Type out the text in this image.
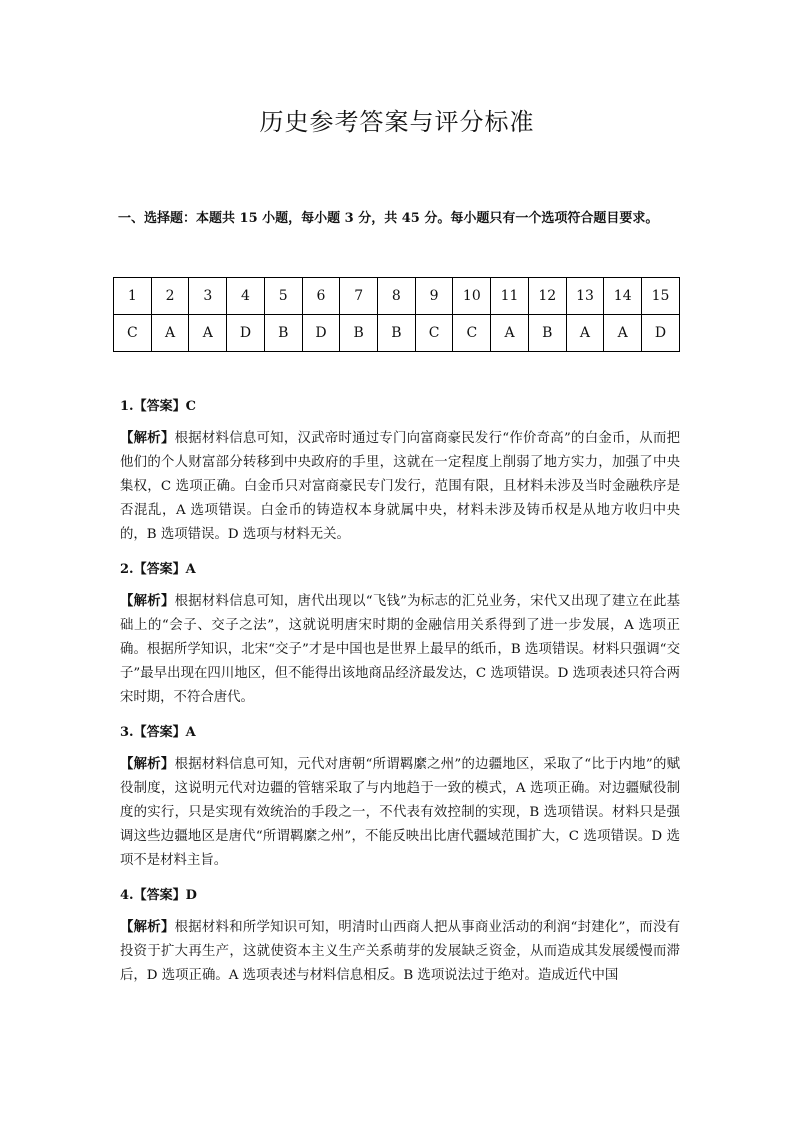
历史参考答案与评分标准
一、选择题：本题共 15 小题，每小题 3 分，共 45 分。每小题只有一个选项符合题目要求。
1	2	3	4	5	6	7	8	9	10	11	12	13	14	15
C	A	A	D	B	D	B	B	C	C	A	B	A	A	D

1.【答案】C

【解析】根据材料信息可知，汉武帝时通过专门向富商豪民发行“作价奇高”的白金币，从而把他们的个人财富部分转移到中央政府的手里，这就在一定程度上削弱了地方实力，加强了中央集权，C 选项正确。白金币只对富商豪民专门发行，范围有限，且材料未涉及当时金融秩序是否混乱，A 选项错误。白金币的铸造权本身就属中央，材料未涉及铸币权是从地方收归中央的，B 选项错误。D 选项与材料无关。

2.【答案】A

【解析】根据材料信息可知，唐代出现以“飞钱”为标志的汇兑业务，宋代又出现了建立在此基础上的“会子、交子之法”，这就说明唐宋时期的金融信用关系得到了进一步发展，A 选项正确。根据所学知识，北宋“交子”才是中国也是世界上最早的纸币，B 选项错误。材料只强调“交子”最早出现在四川地区，但不能得出该地商品经济最发达，C 选项错误。D 选项表述只符合两宋时期，不符合唐代。

3.【答案】A

【解析】根据材料信息可知，元代对唐朝“所谓羁縻之州”的边疆地区，采取了“比于内地”的赋役制度，这说明元代对边疆的管辖采取了与内地趋于一致的模式，A 选项正确。对边疆赋役制度的实行，只是实现有效统治的手段之一，不代表有效控制的实现，B 选项错误。材料只是强调这些边疆地区是唐代“所谓羁縻之州”，不能反映出比唐代疆域范围扩大，C 选项错误。D 选项不是材料主旨。

4.【答案】D

【解析】根据材料和所学知识可知，明清时山西商人把从事商业活动的利润“封建化”，而没有投资于扩大再生产，这就使资本主义生产关系萌芽的发展缺乏资金，从而造成其发展缓慢而滞后，D 选项正确。A 选项表述与材料信息相反。B 选项说法过于绝对。造成近代中国
